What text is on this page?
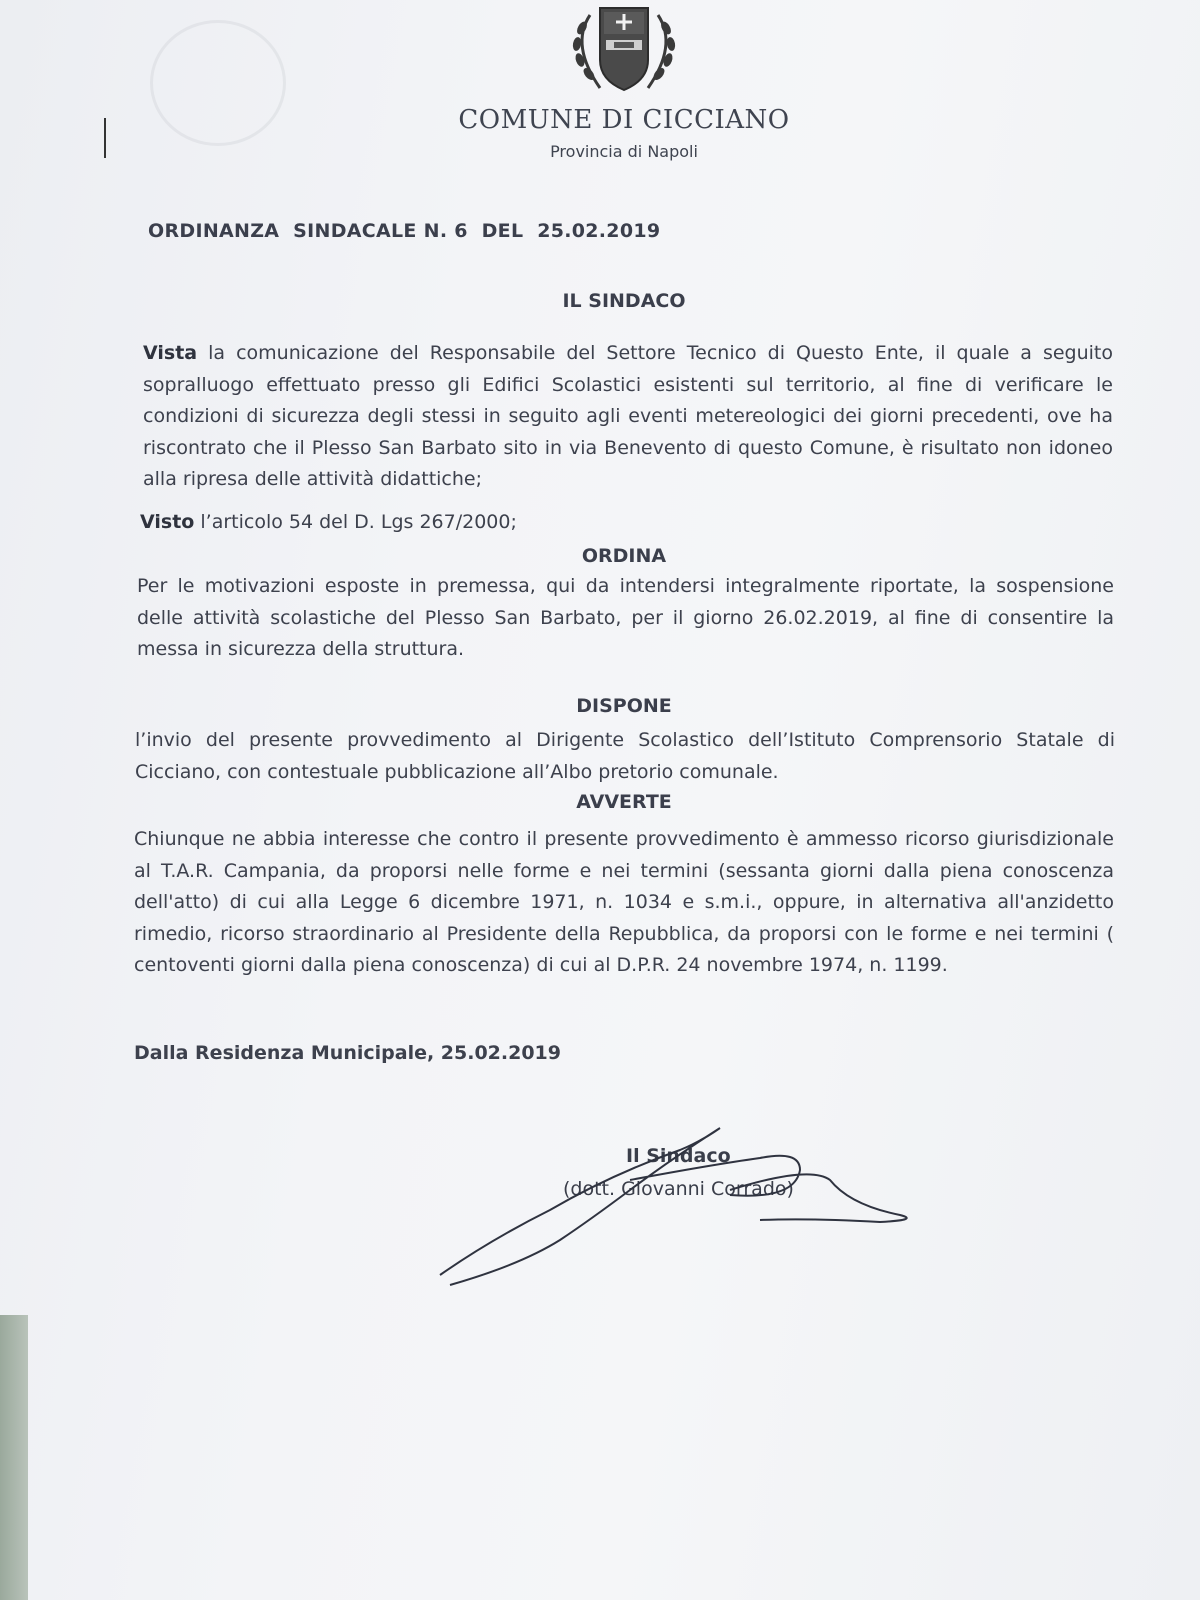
COMUNE DI CICCIANO
Provincia di Napoli
ORDINANZA  SINDACALE N. 6  DEL  25.02.2019
IL SINDACO
Vista la comunicazione del Responsabile del Settore Tecnico di Questo Ente, il quale a seguito sopralluogo effettuato presso gli Edifici Scolastici esistenti sul territorio, al fine di verificare le condizioni di sicurezza degli stessi in seguito agli eventi metereologici dei giorni precedenti, ove ha riscontrato che il Plesso San Barbato sito in via Benevento di questo Comune, è risultato non idoneo alla ripresa delle attività didattiche;
Visto l’articolo 54 del D. Lgs 267/2000;
ORDINA
Per le motivazioni esposte in premessa, qui da intendersi integralmente riportate, la sospensione delle attività scolastiche del Plesso San Barbato, per il giorno 26.02.2019, al fine di consentire la messa in sicurezza della struttura.
DISPONE
l’invio del presente provvedimento al Dirigente Scolastico dell’Istituto Comprensorio Statale di Cicciano, con contestuale pubblicazione all’Albo pretorio comunale.
AVVERTE
Chiunque ne abbia interesse che contro il presente provvedimento è ammesso ricorso giurisdizionale al T.A.R. Campania, da proporsi nelle forme e nei termini (sessanta giorni dalla piena conoscenza dell'atto) di cui alla Legge 6 dicembre 1971, n. 1034 e s.m.i., oppure, in alternativa all'anzidetto rimedio, ricorso straordinario al Presidente della Repubblica, da proporsi con le forme e nei termini ( centoventi giorni dalla piena conoscenza) di cui al D.P.R. 24 novembre 1974, n. 1199.
Dalla Residenza Municipale, 25.02.2019
Il Sindaco
(dott. Giovanni Corrado)
